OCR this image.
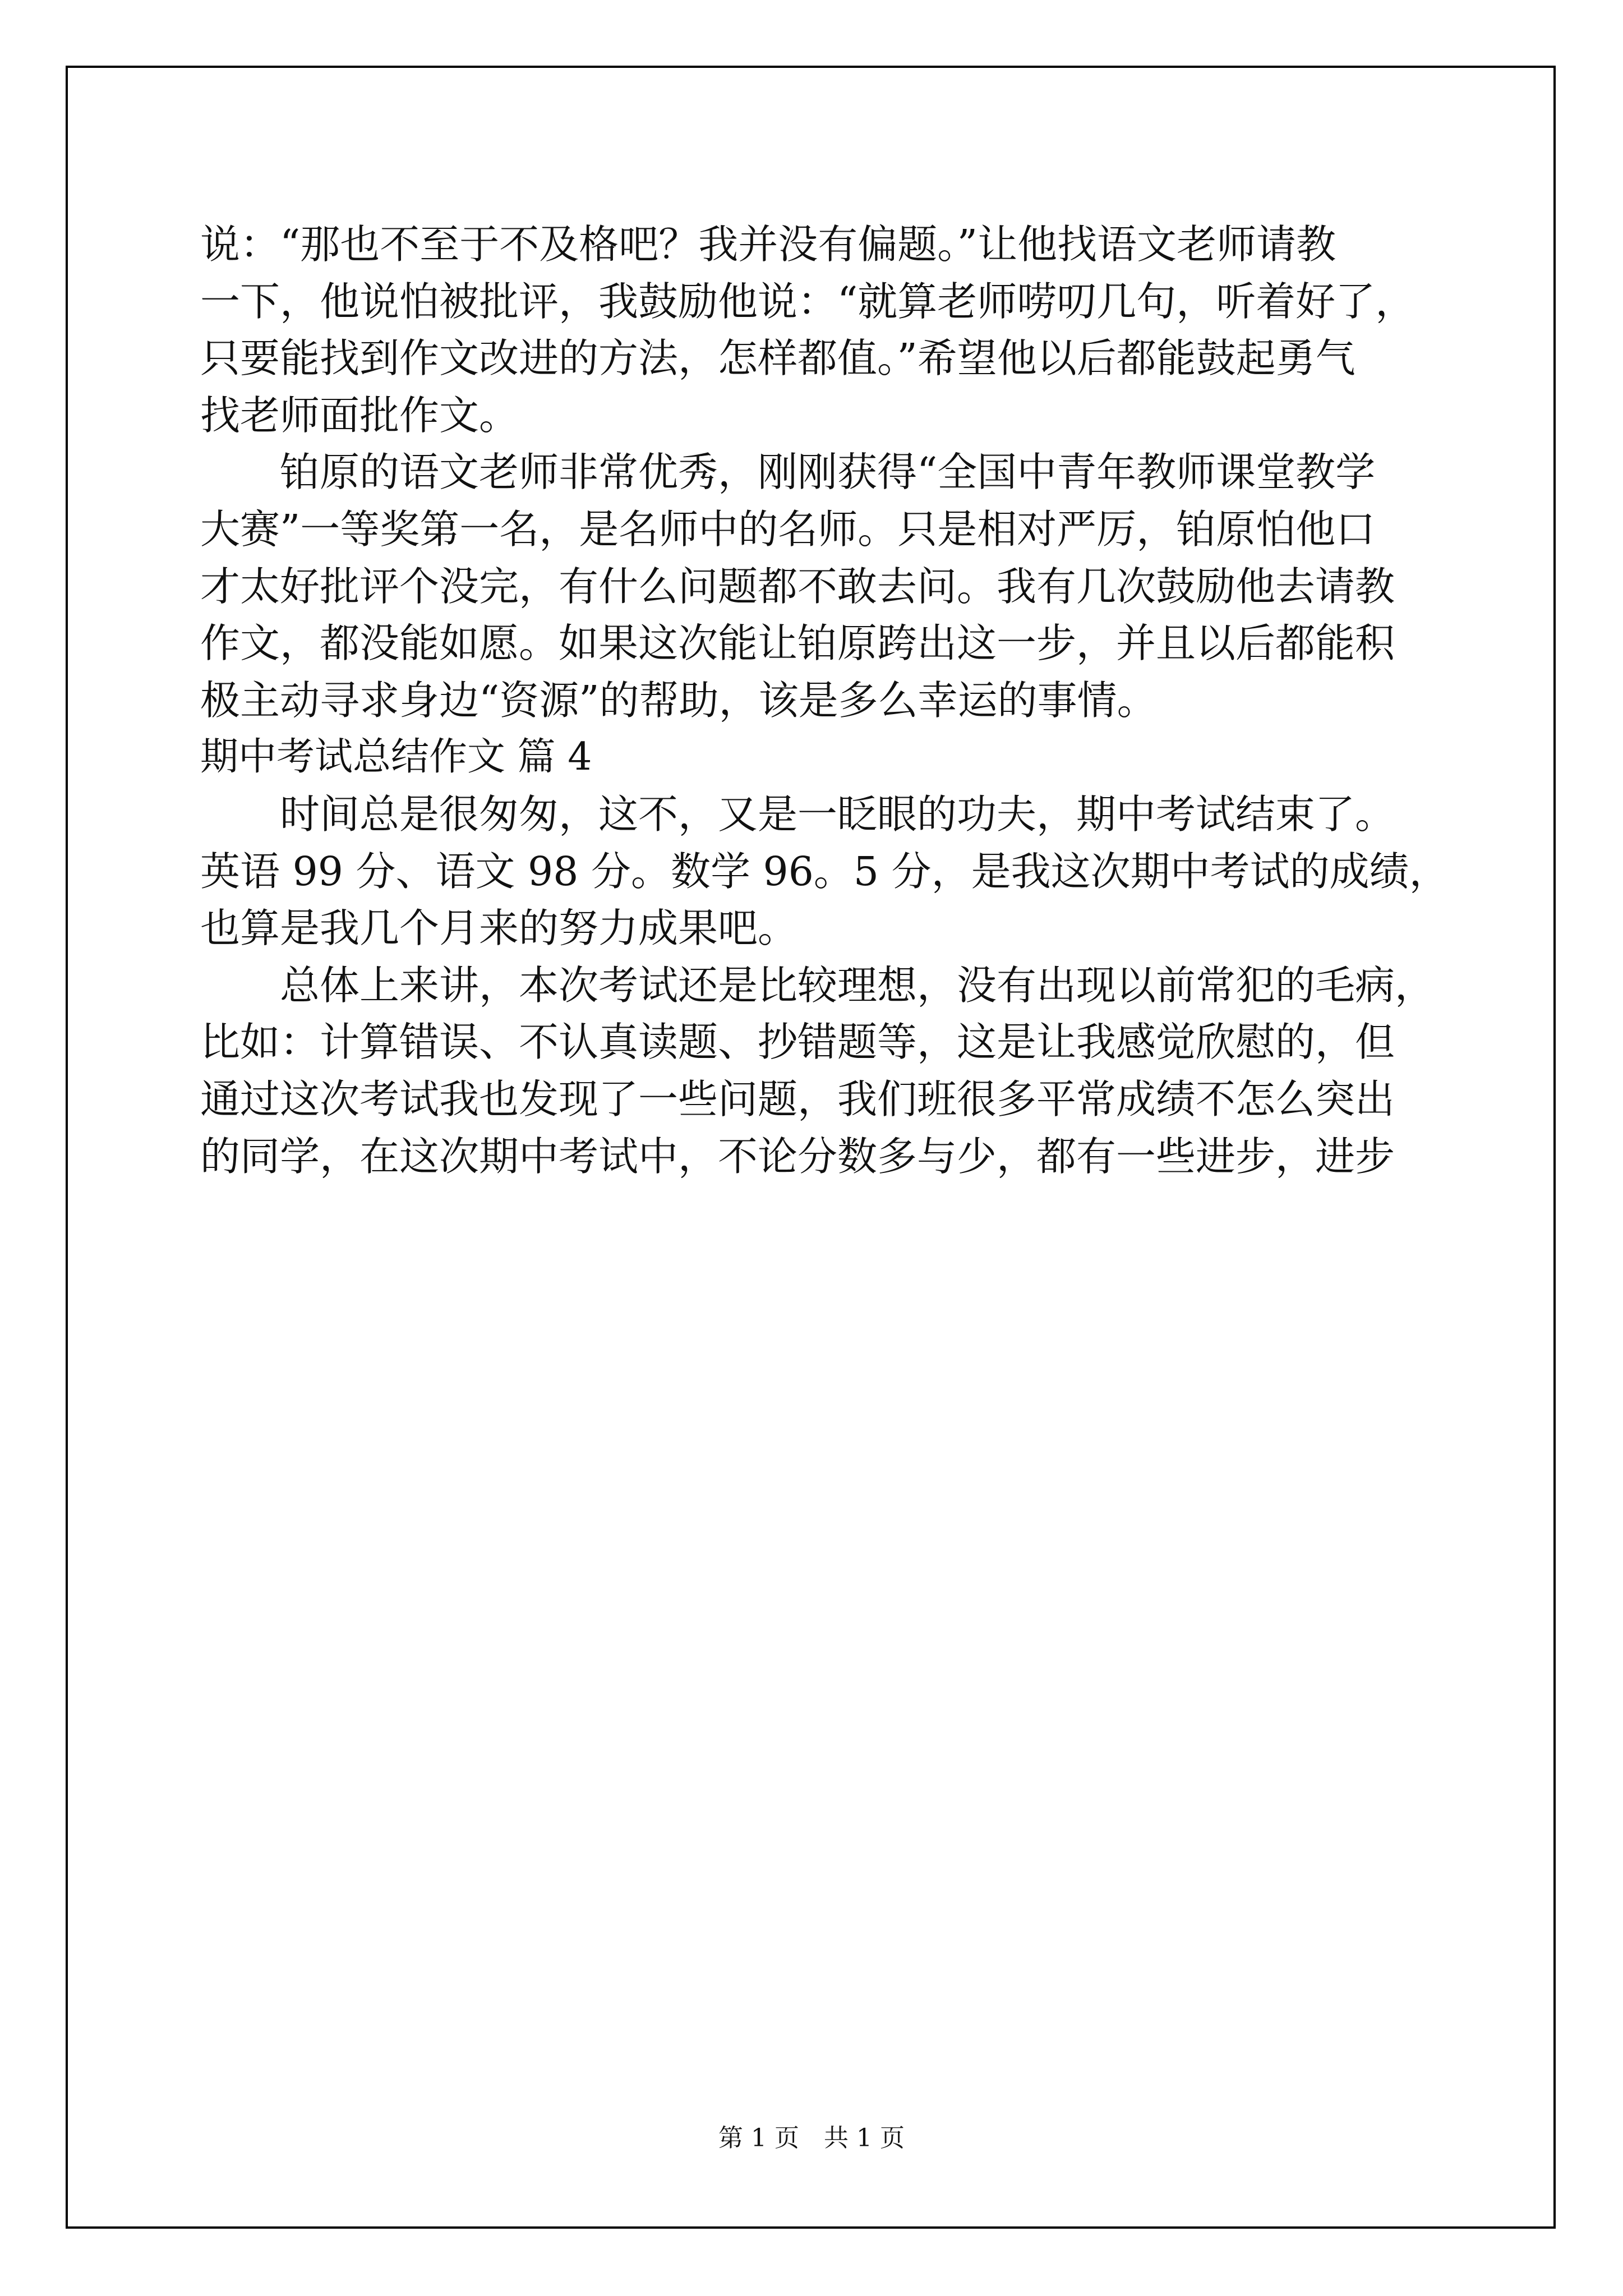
说：“那也不至于不及格吧？我并没有偏题。”让他找语文老师请教
一下，他说怕被批评，我鼓励他说：“就算老师唠叨几句，听着好了，
只要能找到作文改进的方法，怎样都值。”希望他以后都能鼓起勇气
找老师面批作文。
铂原的语文老师非常优秀，刚刚获得“全国中青年教师课堂教学
大赛”一等奖第一名，是名师中的名师。只是相对严厉，铂原怕他口
才太好批评个没完，有什么问题都不敢去问。我有几次鼓励他去请教
作文，都没能如愿。如果这次能让铂原跨出这一步，并且以后都能积
极主动寻求身边“资源”的帮助，该是多么幸运的事情。
期中考试总结作文 篇 4
时间总是很匆匆，这不，又是一眨眼的功夫，期中考试结束了。
英语 99 分、语文 98 分。数学 96。5 分，是我这次期中考试的成绩，
也算是我几个月来的努力成果吧。
总体上来讲，本次考试还是比较理想，没有出现以前常犯的毛病，
比如：计算错误、不认真读题、抄错题等，这是让我感觉欣慰的，但
通过这次考试我也发现了一些问题，我们班很多平常成绩不怎么突出
的同学，在这次期中考试中，不论分数多与少，都有一些进步，进步
第 1 页　共 1 页
